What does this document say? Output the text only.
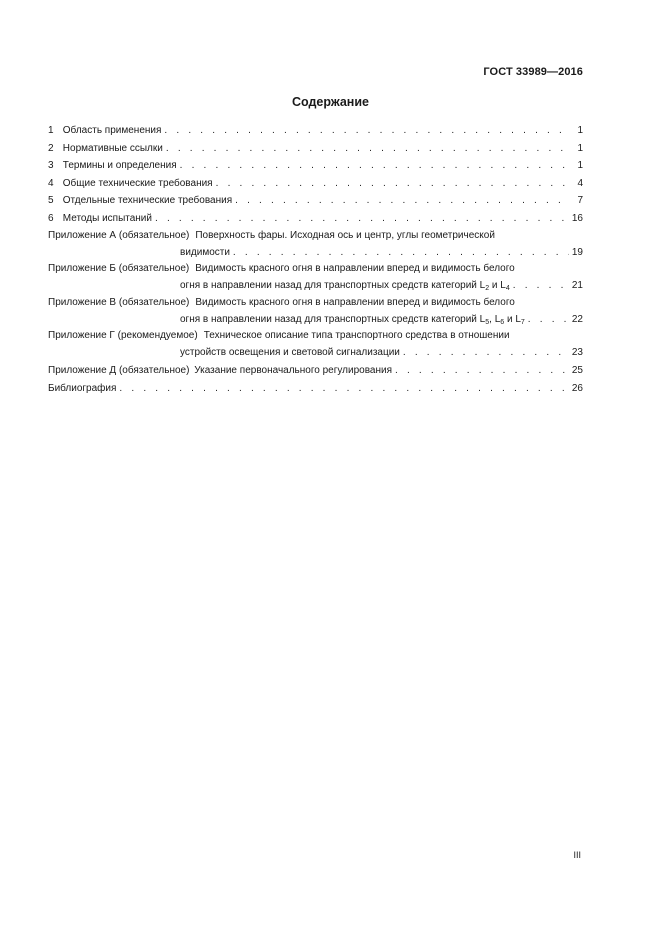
ГОСТ 33989—2016
Содержание
1 Область применения . . .	1
2 Нормативные ссылки . . .	1
3 Термины и определения . . .	1
4 Общие технические требования . . .	4
5 Отдельные технические требования . . .	7
6 Методы испытаний . . .	16
Приложение А (обязательное) Поверхность фары. Исходная ось и центр, углы геометрической
видимости . . .	19
Приложение Б (обязательное) Видимость красного огня в направлении вперед и видимость белого
огня в направлении назад для транспортных средств категорий $L_2$ и $L_4$ . . .	21
Приложение В (обязательное) Видимость красного огня в направлении вперед и видимость белого
огня в направлении назад для транспортных средств категорий $L_5$, $L_6$ и $L_7$ . . .	22
Приложение Г (рекомендуемое) Техническое описание типа транспортного средства в отношении
устройств освещения и световой сигнализации . . .	23
Приложение Д (обязательное) Указание первоначального регулирования . . .	25
Библиография . . .	26
III
